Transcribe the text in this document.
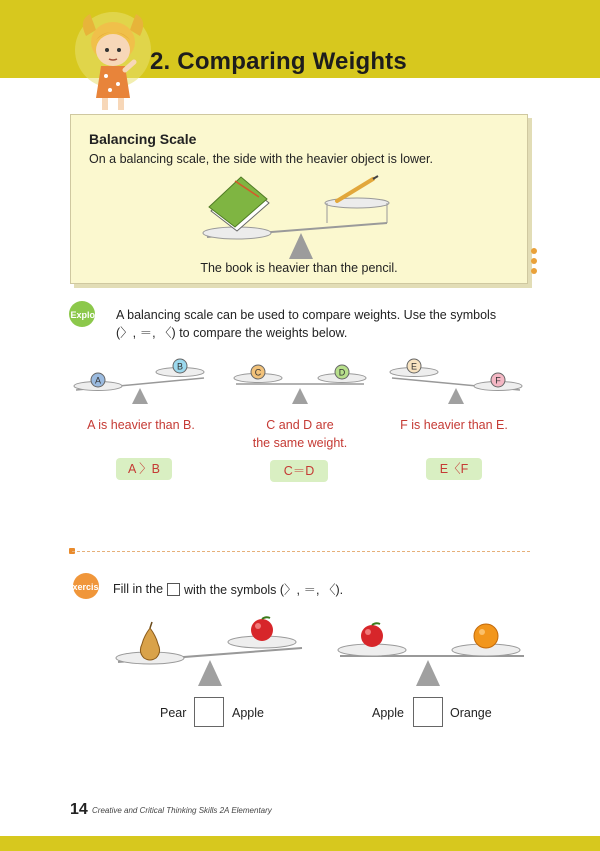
2. Comparing Weights
Balancing Scale
On a balancing scale, the side with the heavier object is lower.
The book is heavier than the pencil.
Explore A balancing scale can be used to compare weights. Use the symbols (〉, ＝, 〈) to compare the weights below.
A
B
C	D
E
F
A is heavier than B.	C and D are
the same weight.
F is heavier than E.
A 〉B	C＝D	E〈F
Exercise Fill in the with the symbols (〉, ＝, 〈).
Pear	Apple	Apple	Orange
14 Creative and Critical Thinking Skills 2A Elementary
